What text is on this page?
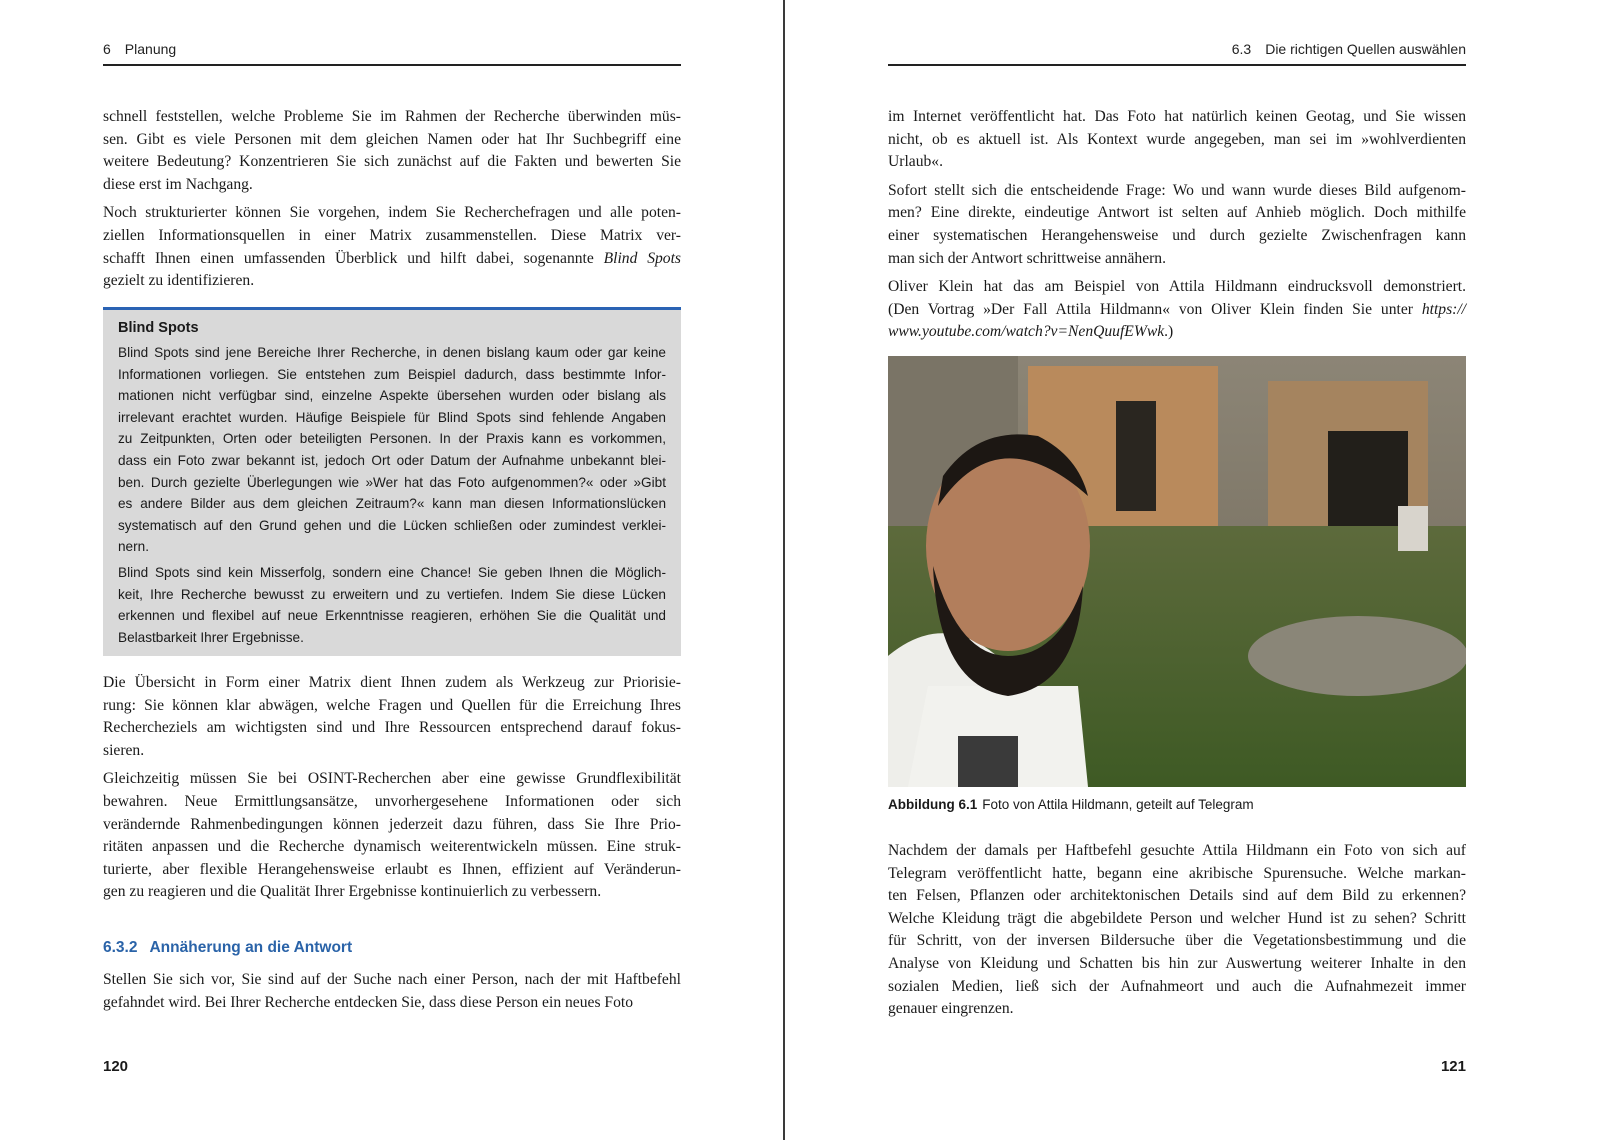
6 Planung
schnell feststellen, welche Probleme Sie im Rahmen der Recherche überwinden müs-
sen. Gibt es viele Personen mit dem gleichen Namen oder hat Ihr Suchbegriff eine
weitere Bedeutung? Konzentrieren Sie sich zunächst auf die Fakten und bewerten Sie
diese erst im Nachgang.
Noch strukturierter können Sie vorgehen, indem Sie Recherchefragen und alle poten-
ziellen Informationsquellen in einer Matrix zusammenstellen. Diese Matrix ver-
schafft Ihnen einen umfassenden Überblick und hilft dabei, sogenannte Blind Spots
gezielt zu identifizieren.
Blind Spots
Blind Spots sind jene Bereiche Ihrer Recherche, in denen bislang kaum oder gar keine
Informationen vorliegen. Sie entstehen zum Beispiel dadurch, dass bestimmte Infor-
mationen nicht verfügbar sind, einzelne Aspekte übersehen wurden oder bislang als
irrelevant erachtet wurden. Häufige Beispiele für Blind Spots sind fehlende Angaben
zu Zeitpunkten, Orten oder beteiligten Personen. In der Praxis kann es vorkommen,
dass ein Foto zwar bekannt ist, jedoch Ort oder Datum der Aufnahme unbekannt blei-
ben. Durch gezielte Überlegungen wie »Wer hat das Foto aufgenommen?« oder »Gibt
es andere Bilder aus dem gleichen Zeitraum?« kann man diesen Informationslücken
systematisch auf den Grund gehen und die Lücken schließen oder zumindest verklei-
nern.
Blind Spots sind kein Misserfolg, sondern eine Chance! Sie geben Ihnen die Möglich-
keit, Ihre Recherche bewusst zu erweitern und zu vertiefen. Indem Sie diese Lücken
erkennen und flexibel auf neue Erkenntnisse reagieren, erhöhen Sie die Qualität und
Belastbarkeit Ihrer Ergebnisse.
Die Übersicht in Form einer Matrix dient Ihnen zudem als Werkzeug zur Priorisie-
rung: Sie können klar abwägen, welche Fragen und Quellen für die Erreichung Ihres
Rechercheziels am wichtigsten sind und Ihre Ressourcen entsprechend darauf fokus-
sieren.
Gleichzeitig müssen Sie bei OSINT-Recherchen aber eine gewisse Grundflexibilität
bewahren. Neue Ermittlungsansätze, unvorhergesehene Informationen oder sich
verändernde Rahmenbedingungen können jederzeit dazu führen, dass Sie Ihre Prio-
ritäten anpassen und die Recherche dynamisch weiterentwickeln müssen. Eine struk-
turierte, aber flexible Herangehensweise erlaubt es Ihnen, effizient auf Veränderun-
gen zu reagieren und die Qualität Ihrer Ergebnisse kontinuierlich zu verbessern.
6.3.2 Annäherung an die Antwort
Stellen Sie sich vor, Sie sind auf der Suche nach einer Person, nach der mit Haftbefehl
gefahndet wird. Bei Ihrer Recherche entdecken Sie, dass diese Person ein neues Foto
120
6.3 Die richtigen Quellen auswählen
im Internet veröffentlicht hat. Das Foto hat natürlich keinen Geotag, und Sie wissen
nicht, ob es aktuell ist. Als Kontext wurde angegeben, man sei im »wohlverdienten
Urlaub«.
Sofort stellt sich die entscheidende Frage: Wo und wann wurde dieses Bild aufgenom-
men? Eine direkte, eindeutige Antwort ist selten auf Anhieb möglich. Doch mithilfe
einer systematischen Herangehensweise und durch gezielte Zwischenfragen kann
man sich der Antwort schrittweise annähern.
Oliver Klein hat das am Beispiel von Attila Hildmann eindrucksvoll demonstriert.
(Den Vortrag »Der Fall Attila Hildmann« von Oliver Klein finden Sie unter https://
www.youtube.com/watch?v=NenQuufEWwk.)
Abbildung 6.1 Foto von Attila Hildmann, geteilt auf Telegram
Nachdem der damals per Haftbefehl gesuchte Attila Hildmann ein Foto von sich auf
Telegram veröffentlicht hatte, begann eine akribische Spurensuche. Welche markan-
ten Felsen, Pflanzen oder architektonischen Details sind auf dem Bild zu erkennen?
Welche Kleidung trägt die abgebildete Person und welcher Hund ist zu sehen? Schritt
für Schritt, von der inversen Bildersuche über die Vegetationsbestimmung und die
Analyse von Kleidung und Schatten bis hin zur Auswertung weiterer Inhalte in den
sozialen Medien, ließ sich der Aufnahmeort und auch die Aufnahmezeit immer
genauer eingrenzen.
121
